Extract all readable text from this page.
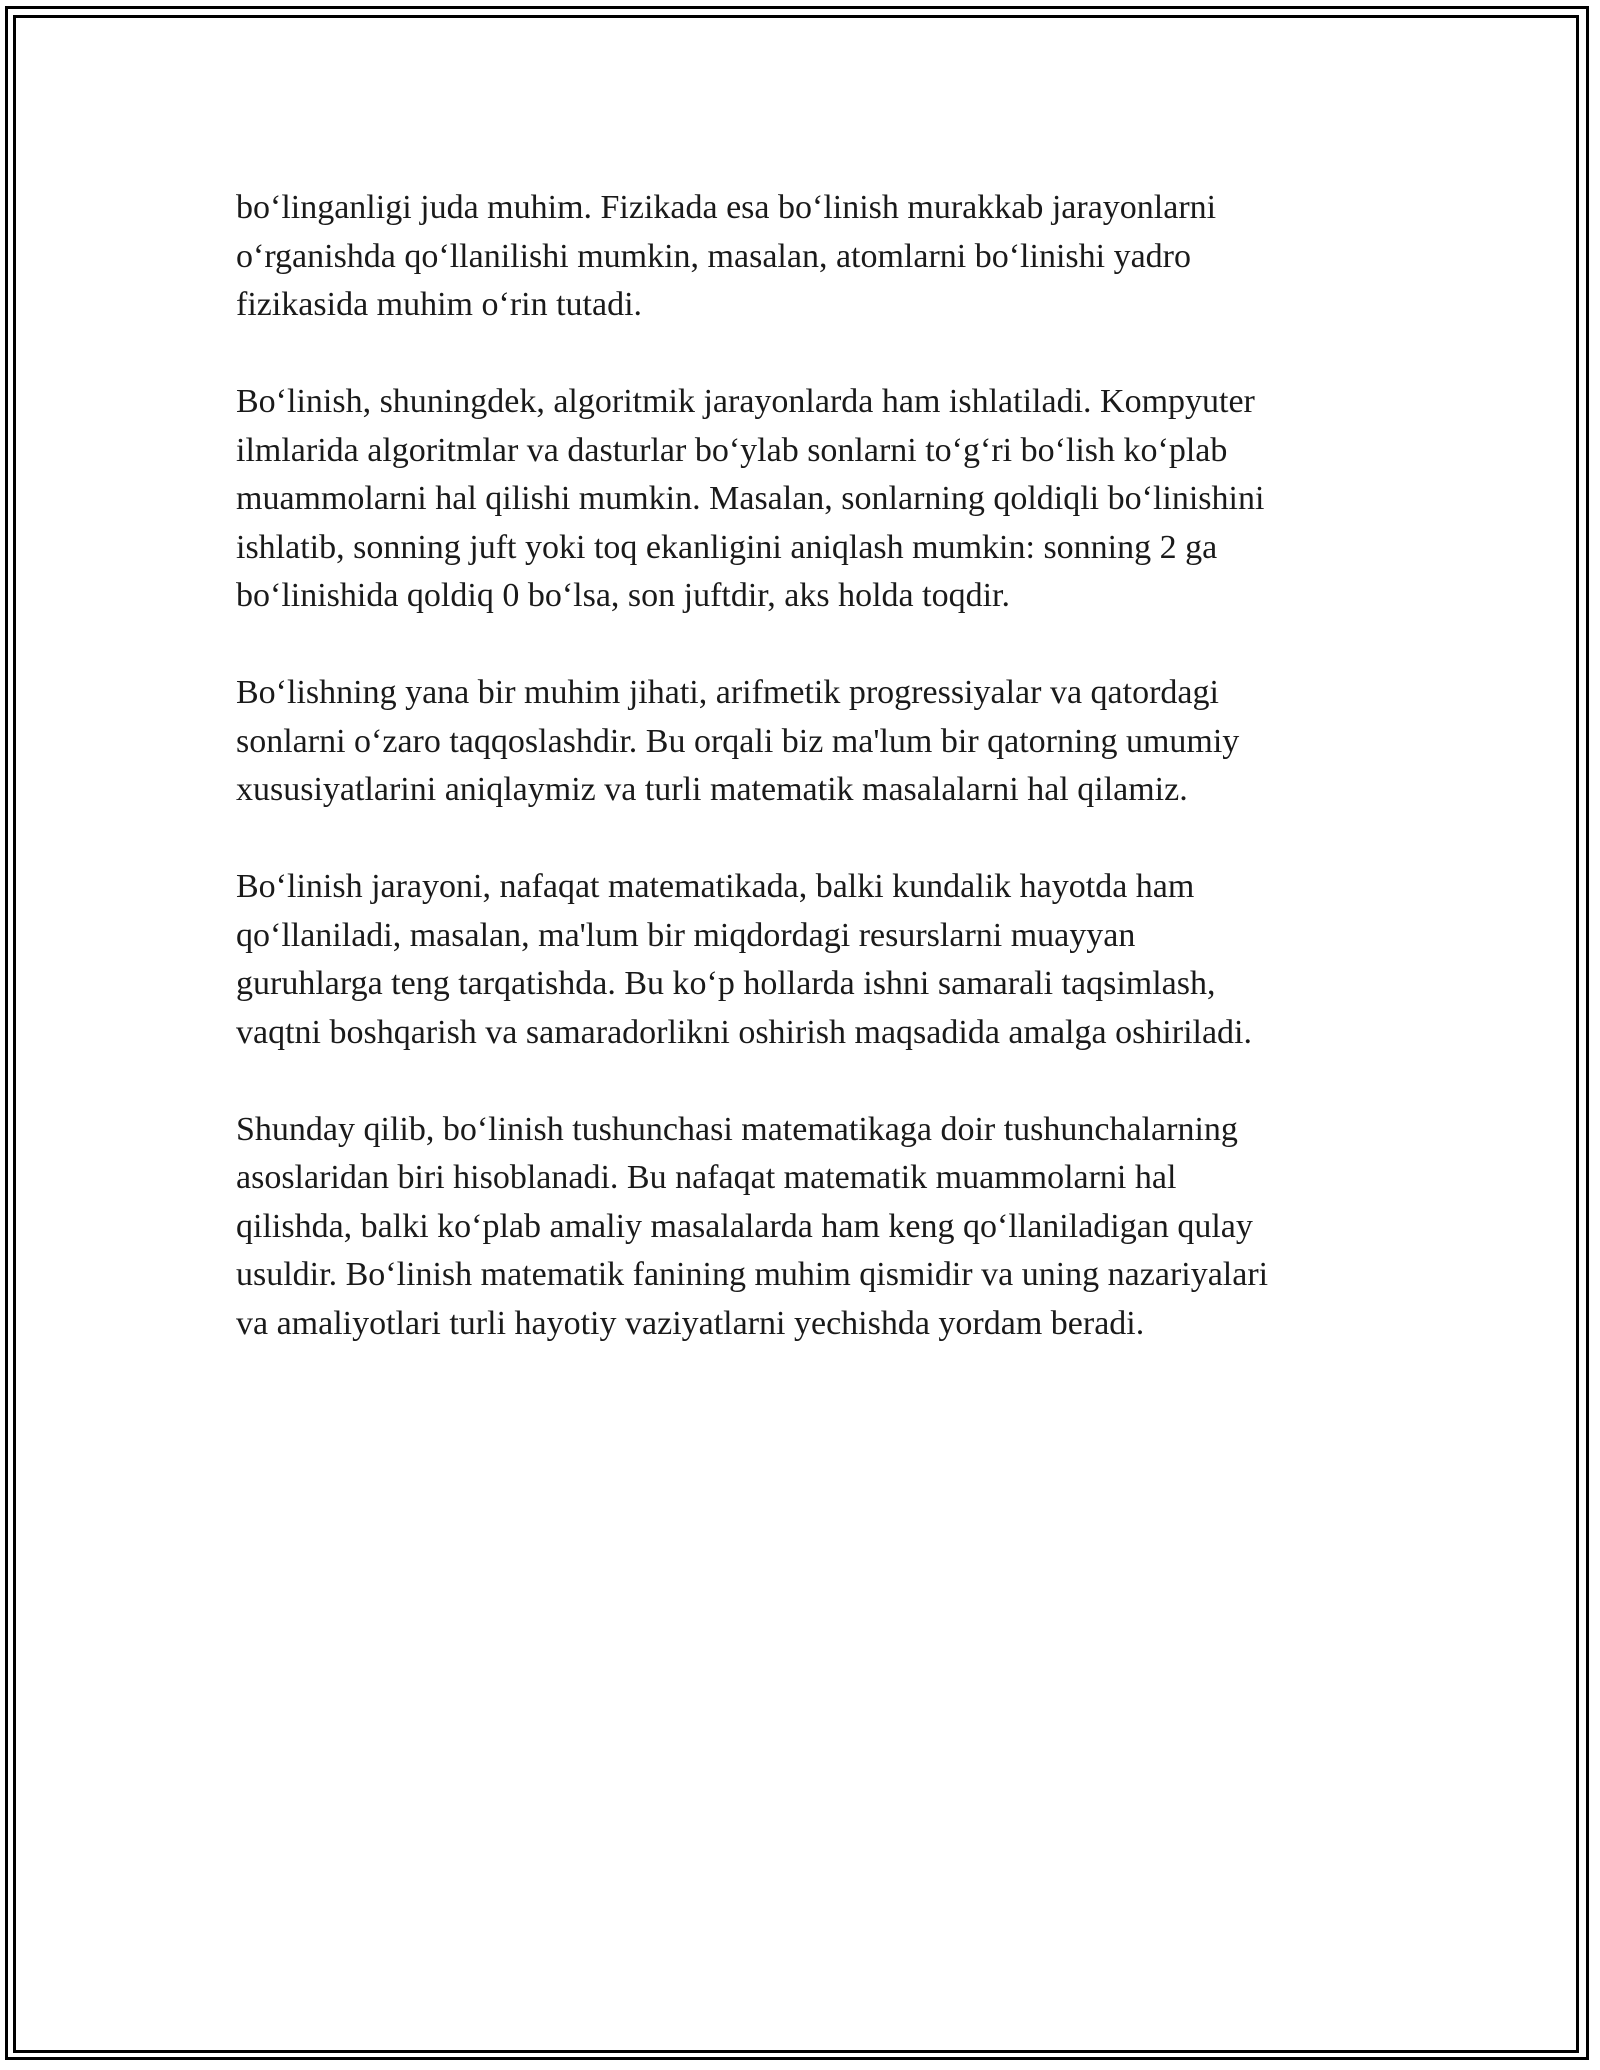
bo‘linganligi juda muhim. Fizikada esa bo‘linish murakkab jarayonlarni
o‘rganishda qo‘llanilishi mumkin, masalan, atomlarni bo‘linishi yadro
fizikasida muhim o‘rin tutadi.

Bo‘linish, shuningdek, algoritmik jarayonlarda ham ishlatiladi. Kompyuter
ilmlarida algoritmlar va dasturlar bo‘ylab sonlarni to‘g‘ri bo‘lish ko‘plab
muammolarni hal qilishi mumkin. Masalan, sonlarning qoldiqli bo‘linishini
ishlatib, sonning juft yoki toq ekanligini aniqlash mumkin: sonning 2 ga
bo‘linishida qoldiq 0 bo‘lsa, son juftdir, aks holda toqdir.

Bo‘lishning yana bir muhim jihati, arifmetik progressiyalar va qatordagi
sonlarni o‘zaro taqqoslashdir. Bu orqali biz ma'lum bir qatorning umumiy
xususiyatlarini aniqlaymiz va turli matematik masalalarni hal qilamiz.

Bo‘linish jarayoni, nafaqat matematikada, balki kundalik hayotda ham
qo‘llaniladi, masalan, ma'lum bir miqdordagi resurslarni muayyan
guruhlarga teng tarqatishda. Bu ko‘p hollarda ishni samarali taqsimlash,
vaqtni boshqarish va samaradorlikni oshirish maqsadida amalga oshiriladi.

Shunday qilib, bo‘linish tushunchasi matematikaga doir tushunchalarning
asoslaridan biri hisoblanadi. Bu nafaqat matematik muammolarni hal
qilishda, balki ko‘plab amaliy masalalarda ham keng qo‘llaniladigan qulay
usuldir. Bo‘linish matematik fanining muhim qismidir va uning nazariyalari
va amaliyotlari turli hayotiy vaziyatlarni yechishda yordam beradi.
